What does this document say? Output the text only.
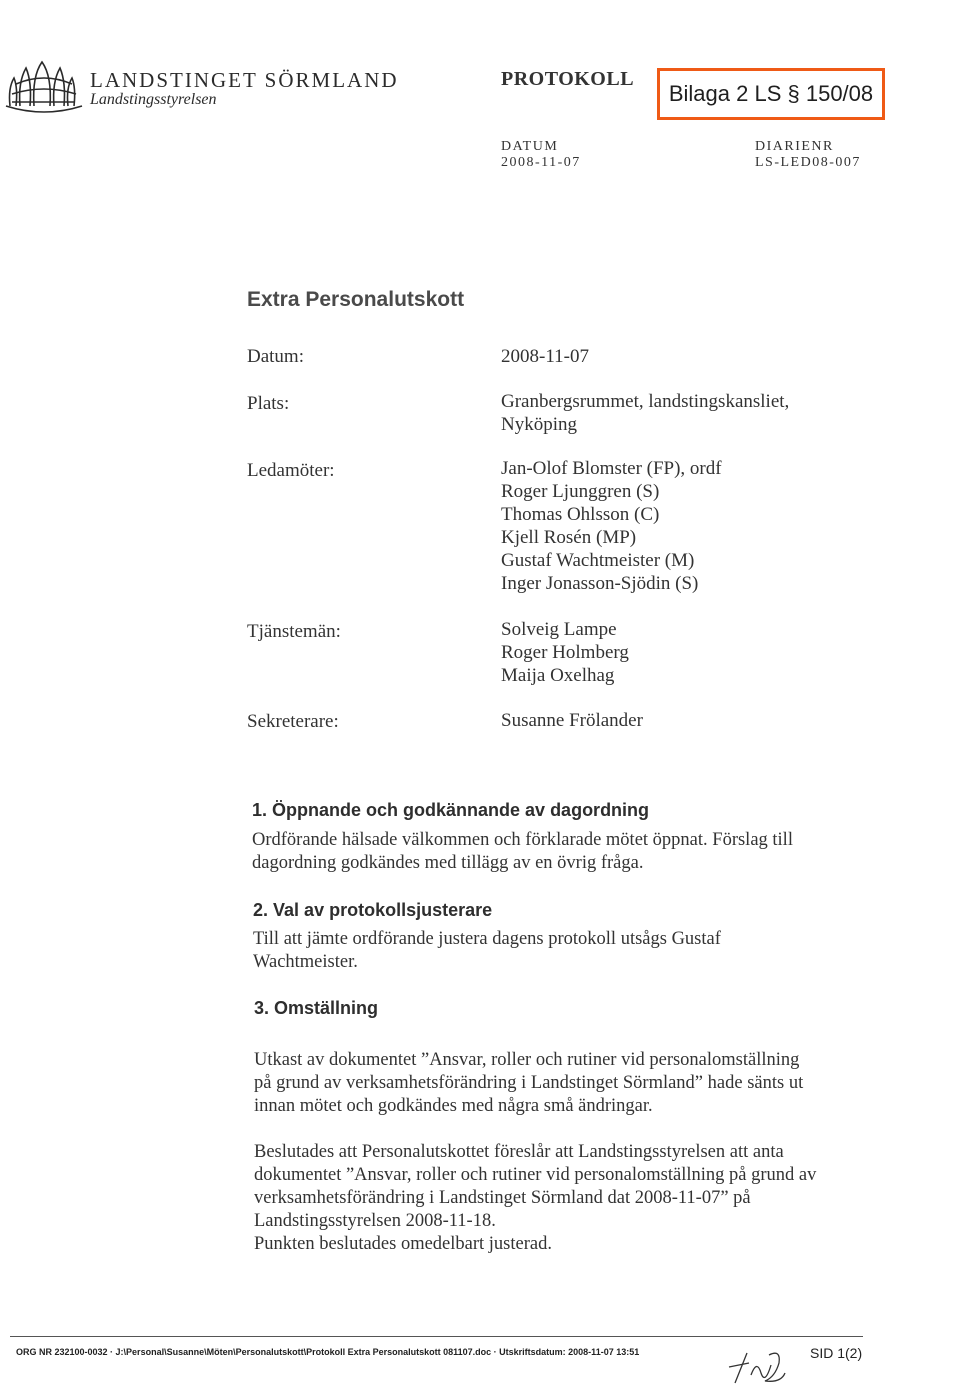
LANDSTINGET SÖRMLAND
Landstingsstyrelsen
PROTOKOLL
Bilaga 2 LS § 150/08
DATUM
2008-11-07
DIARIENR
LS-LED08-007
Extra Personalutskott
Datum:	2008-11-07
Plats:	Granbergsrummet, landstingskansliet,
Nyköping
Ledamöter:	Jan-Olof Blomster (FP), ordf
Roger Ljunggren (S)
Thomas Ohlsson (C)
Kjell Rosén (MP)
Gustaf Wachtmeister (M)
Inger Jonasson-Sjödin (S)
Tjänstemän:	Solveig Lampe
Roger Holmberg
Maija Oxelhag
Sekreterare:	Susanne Frölander
1. Öppnande och godkännande av dagordning
Ordförande hälsade välkommen och förklarade mötet öppnat. Förslag till
dagordning godkändes med tillägg av en övrig fråga.
2. Val av protokollsjusterare
Till att jämte ordförande justera dagens protokoll utsågs Gustaf
Wachtmeister.
3. Omställning
Utkast av dokumentet ”Ansvar, roller och rutiner vid personalomställning
på grund av verksamhetsförändring i Landstinget Sörmland” hade sänts ut
innan mötet och godkändes med några små ändringar.
Beslutades att Personalutskottet föreslår att Landstingsstyrelsen att anta
dokumentet ”Ansvar, roller och rutiner vid personalomställning på grund av
verksamhetsförändring i Landstinget Sörmland dat 2008-11-07” på
Landstingsstyrelsen 2008-11-18.
Punkten beslutades omedelbart justerad.
ORG NR 232100-0032 · J:\Personal\Susanne\Möten\Personalutskott\Protokoll Extra Personalutskott 081107.doc · Utskriftsdatum: 2008-11-07 13:51	SID 1(2)
